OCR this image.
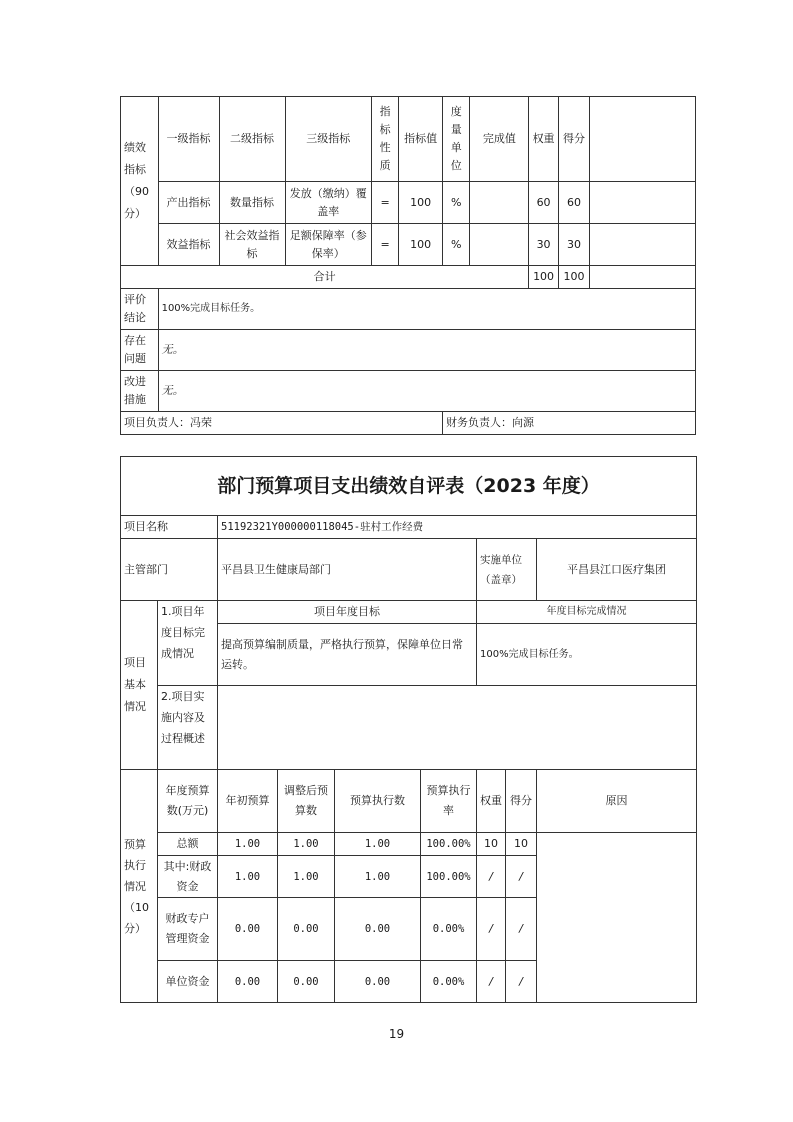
绩效指标（90分）	一级指标	二级指标	三级指标	指标性质	指标值	度量单位	完成值	权重	得分	
	产出指标	数量指标	发放（缴纳）覆盖率	=	100	%		60	60	
	效益指标	社会效益指标	足额保障率（参保率）	=	100	%		30	30	
合计								100	100	
评价结论	100%完成目标任务。									
存在问题	无。									
改进措施	无。									
项目负责人：冯荣						财务负责人：向源				
部门预算项目支出绩效自评表（2023 年度）								
项目名称		51192321Y000000118045-驻村工作经费						
主管部门		平昌县卫生健康局部门				实施单位（盖章）		平昌县江口医疗集团
项目基本情况	1.项目年度目标完成情况	项目年度目标				年度目标完成情况		
		提高预算编制质量，严格执行预算，保障单位日常运转。				100%完成目标任务。		
	2.项目实施内容及过程概述							
预算执行情况（10分）	年度预算数(万元)	年初预算	调整后预算数	预算执行数	预算执行率	权重	得分	原因
	总额	1.00	1.00	1.00	100.00%	10	10	
	其中:财政资金	1.00	1.00	1.00	100.00%	/	/	
	财政专户管理资金	0.00	0.00	0.00	0.00%	/	/	
	单位资金	0.00	0.00	0.00	0.00%	/	/	
19
